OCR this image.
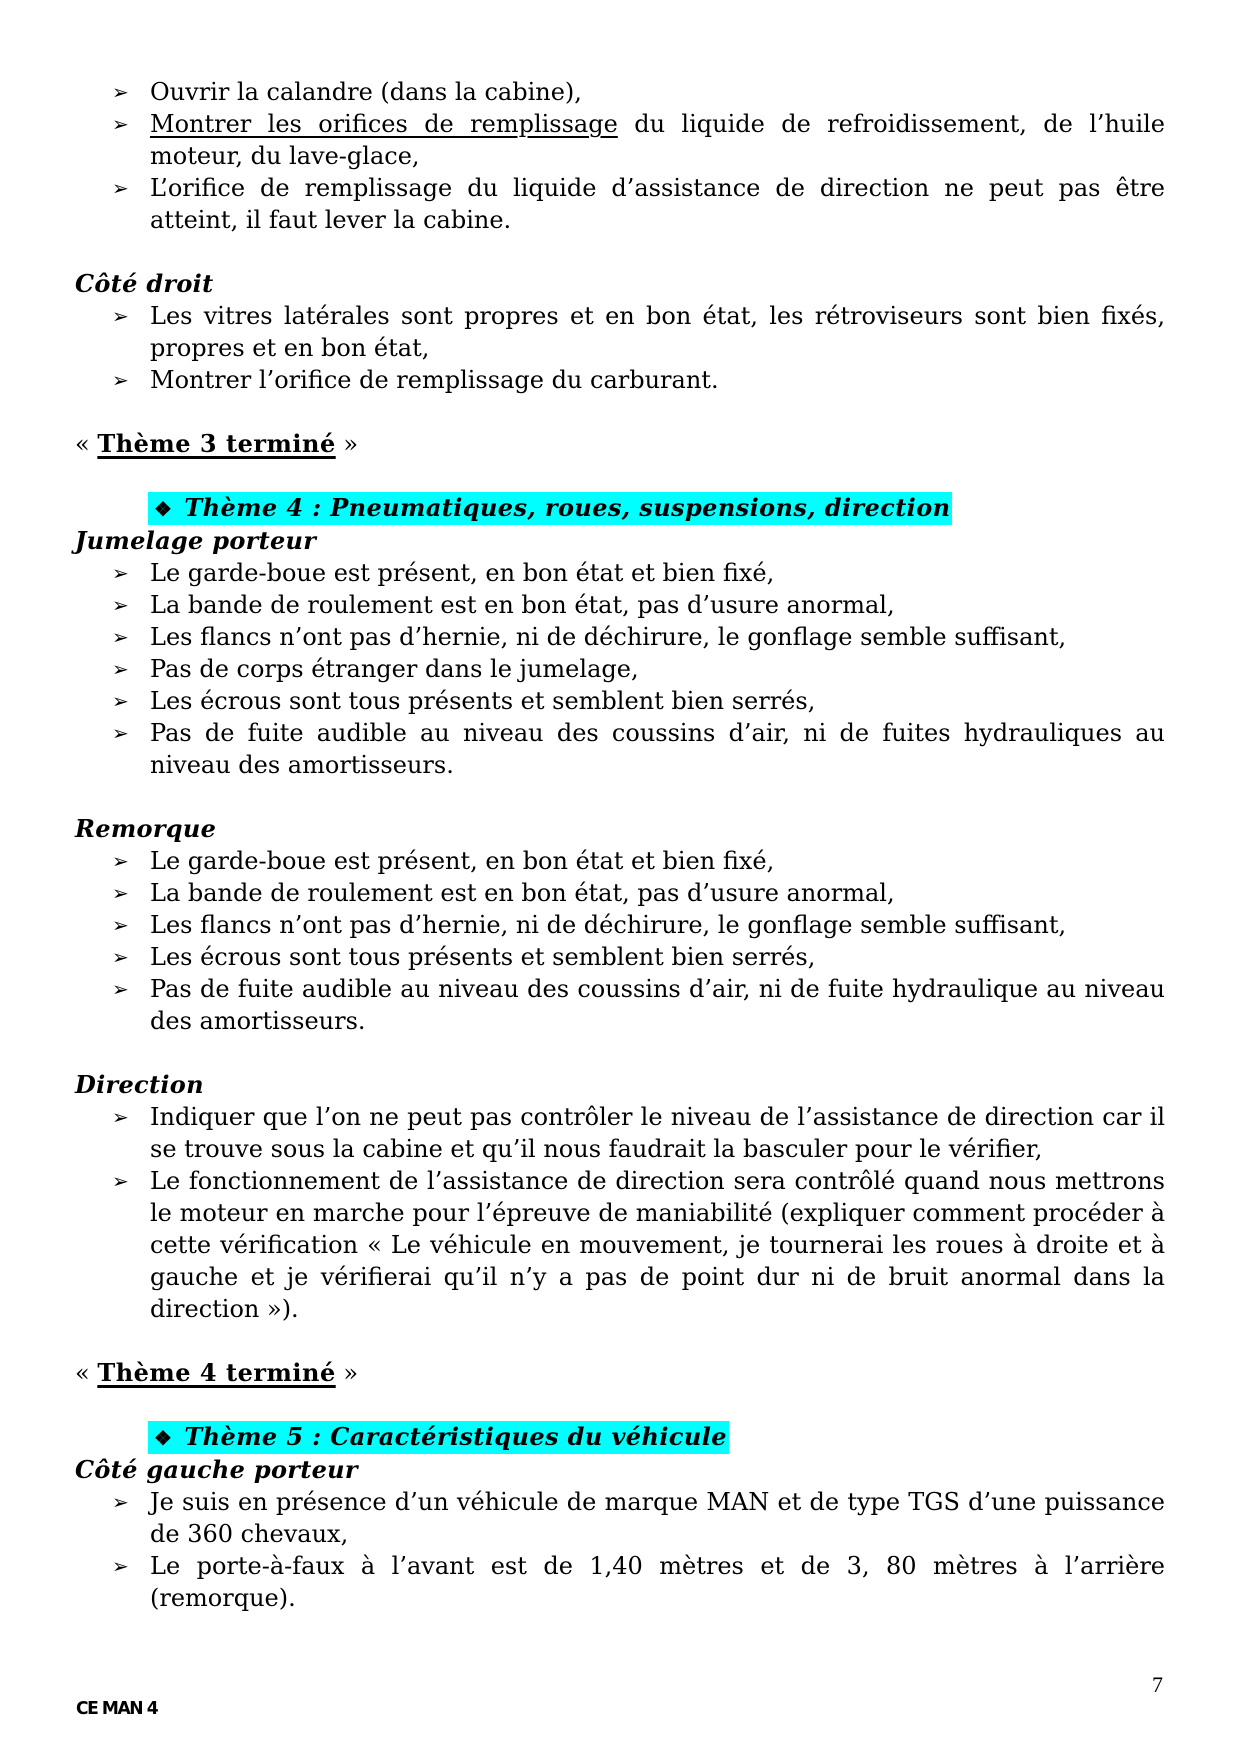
➢ Ouvrir la calandre (dans la cabine),
➢ Montrer les orifices de remplissage du liquide de refroidissement, de l’huile moteur, du lave-glace,
➢ L’orifice de remplissage du liquide d’assistance de direction ne peut pas être atteint, il faut lever la cabine.
Côté droit
➢ Les vitres latérales sont propres et en bon état, les rétroviseurs sont bien fixés, propres et en bon état,
➢ Montrer l’orifice de remplissage du carburant.
« Thème 3 terminé »
❖ Thème 4 : Pneumatiques, roues, suspensions, direction
Jumelage porteur
➢ Le garde-boue est présent, en bon état et bien fixé,
➢ La bande de roulement est en bon état, pas d’usure anormal,
➢ Les flancs n’ont pas d’hernie, ni de déchirure, le gonflage semble suffisant,
➢ Pas de corps étranger dans le jumelage,
➢ Les écrous sont tous présents et semblent bien serrés,
➢ Pas de fuite audible au niveau des coussins d’air, ni de fuites hydrauliques au niveau des amortisseurs.
Remorque
➢ Le garde-boue est présent, en bon état et bien fixé,
➢ La bande de roulement est en bon état, pas d’usure anormal,
➢ Les flancs n’ont pas d’hernie, ni de déchirure, le gonflage semble suffisant,
➢ Les écrous sont tous présents et semblent bien serrés,
➢ Pas de fuite audible au niveau des coussins d’air, ni de fuite hydraulique au niveau des amortisseurs.
Direction
➢ Indiquer que l’on ne peut pas contrôler le niveau de l’assistance de direction car il se trouve sous la cabine et qu’il nous faudrait la basculer pour le vérifier,
➢ Le fonctionnement de l’assistance de direction sera contrôlé quand nous mettrons le moteur en marche pour l’épreuve de maniabilité (expliquer comment procéder à cette vérification « Le véhicule en mouvement, je tournerai les roues à droite et à gauche et je vérifierai qu’il n’y a pas de point dur ni de bruit anormal dans la direction »).
« Thème 4 terminé »
❖ Thème 5 : Caractéristiques du véhicule
Côté gauche porteur
➢ Je suis en présence d’un véhicule de marque MAN et de type TGS d’une puissance de 360 chevaux,
➢ Le porte-à-faux à l’avant est de 1,40 mètres et de 3, 80 mètres à l’arrière (remorque).
7
CE MAN 4
